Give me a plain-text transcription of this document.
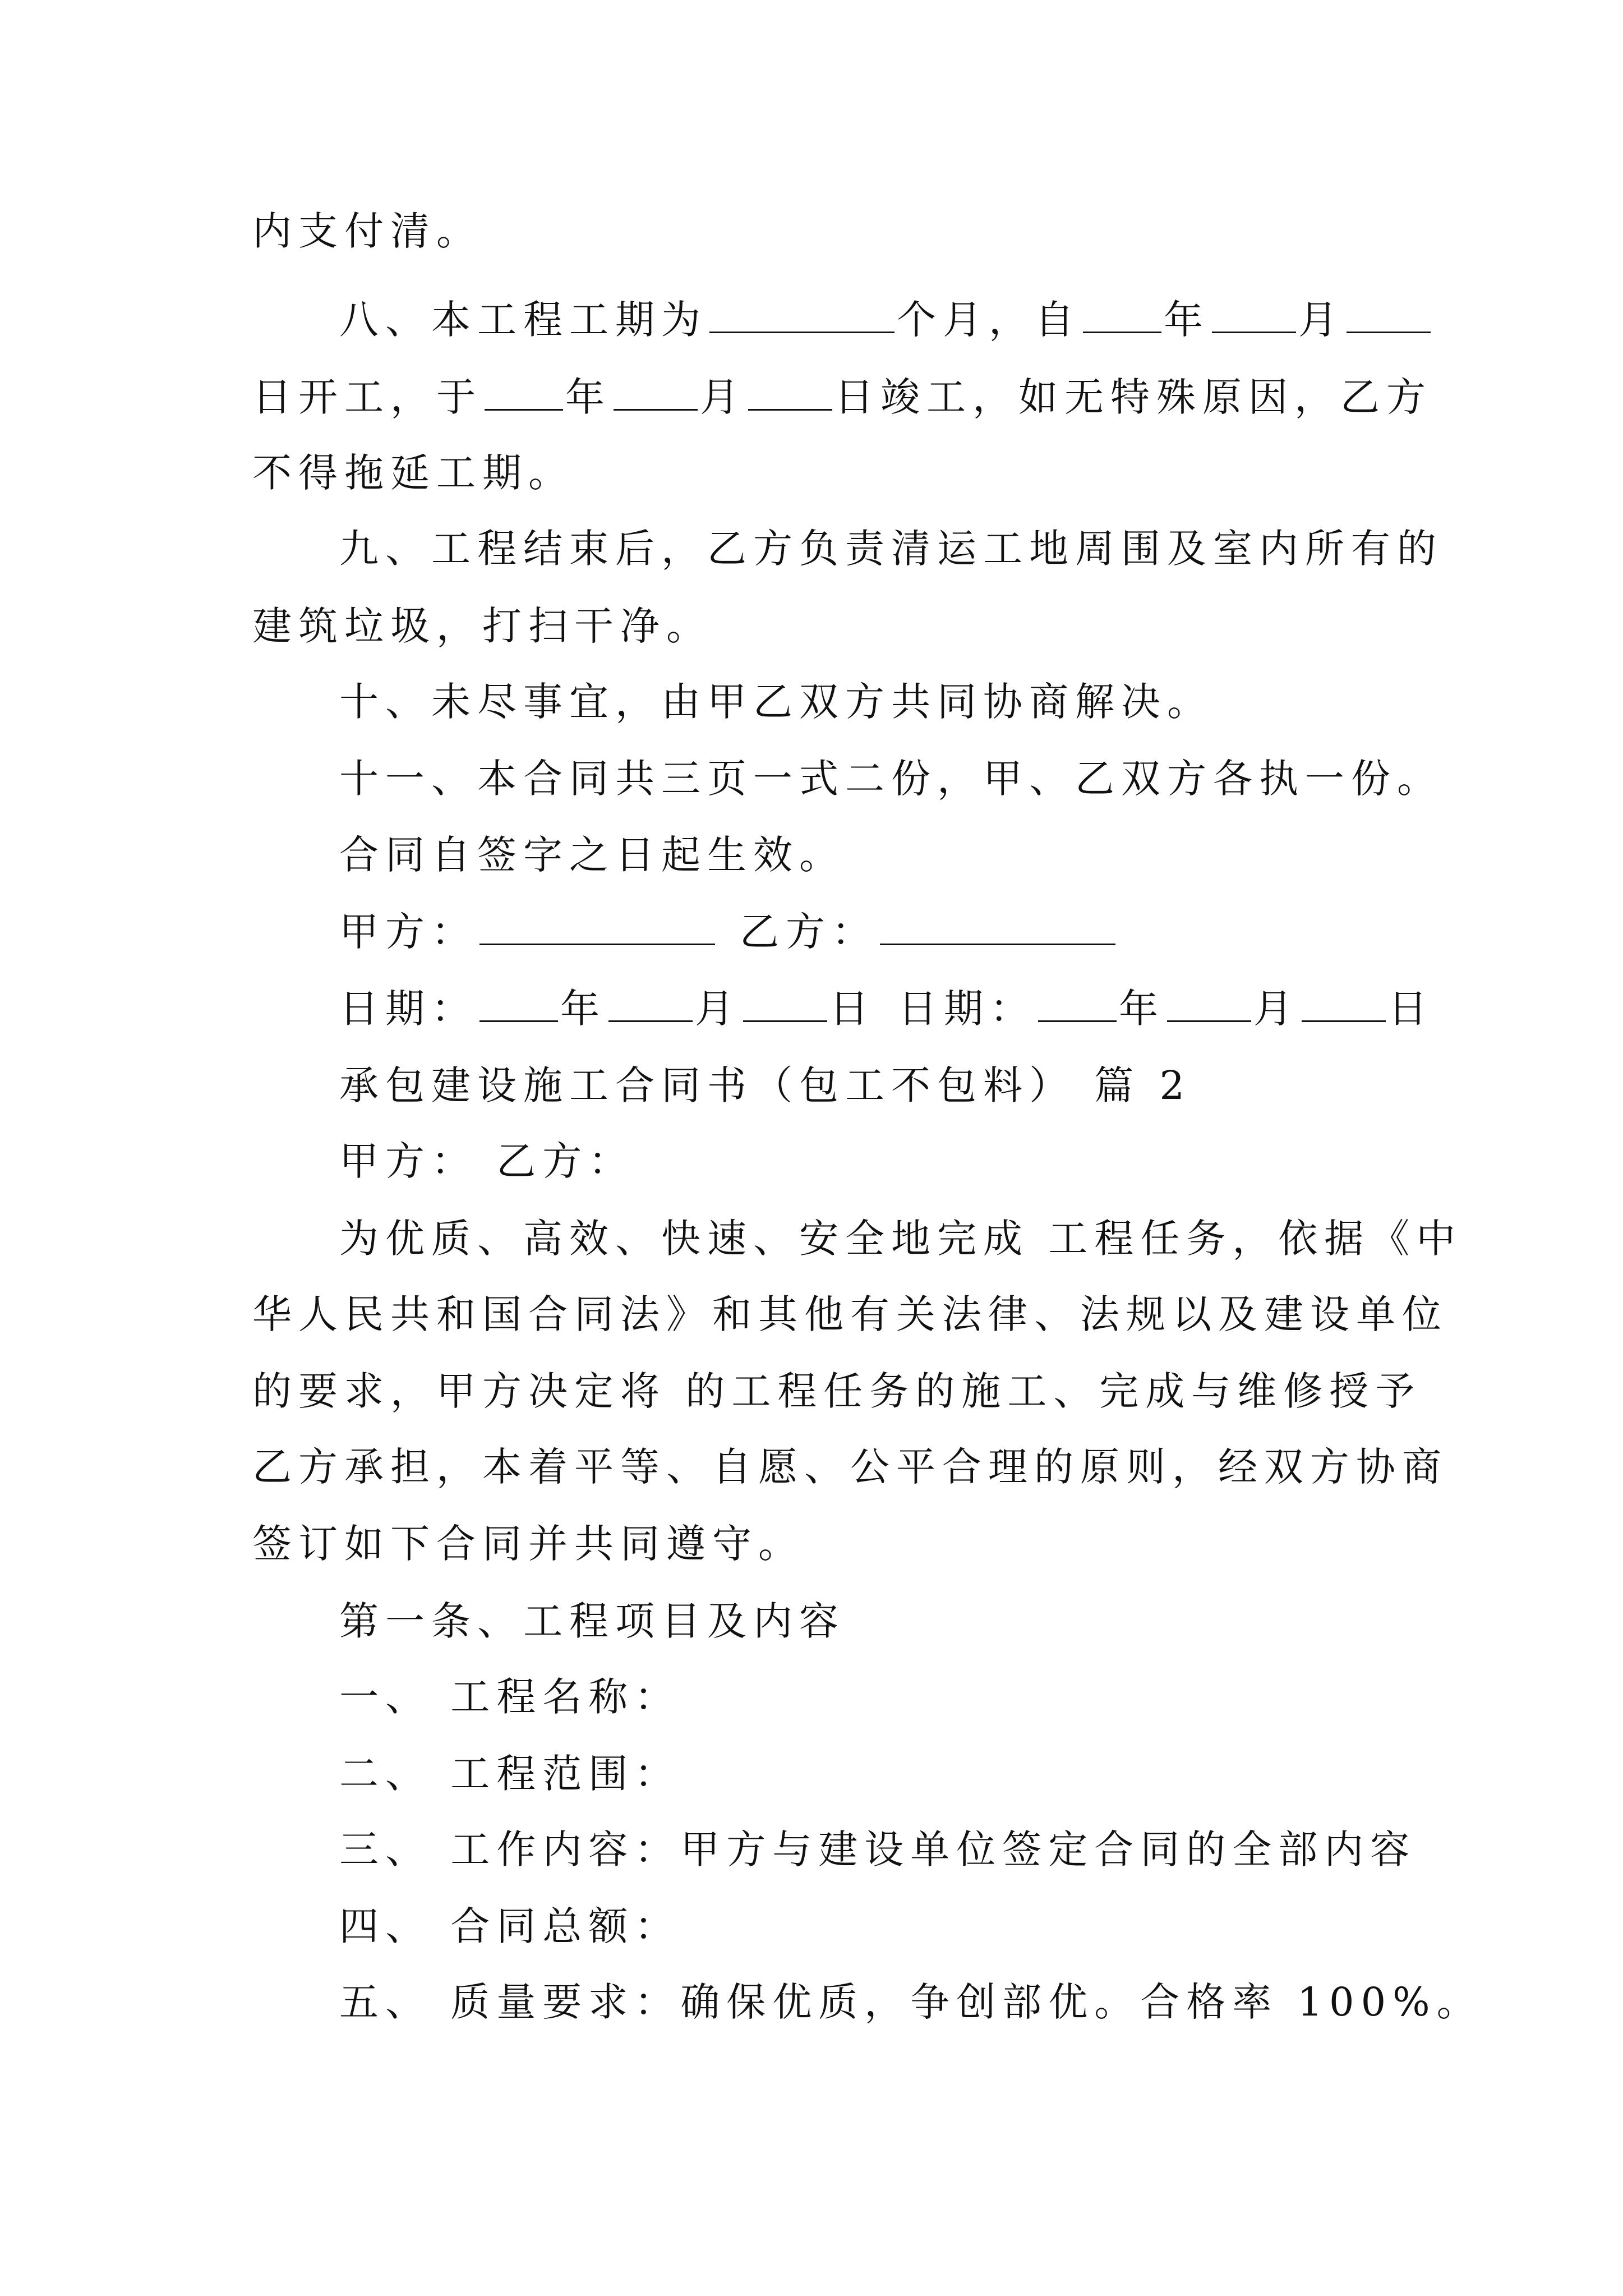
内支付清。
八、本工程工期为	个月，自 年 月
日开工，于 年 月 日竣工，如无特殊原因，乙方
不得拖延工期。
九、工程结束后，乙方负责清运工地周围及室内所有的
建筑垃圾，打扫干净。
十、未尽事宜，由甲乙双方共同协商解决。
十一、本合同共三页一式二份，甲、乙双方各执一份。
合同自签字之日起生效。
甲方：	乙方：
日期： 年 月 日 日期： 年 月 日
承包建设施工合同书（包工不包料） 篇 2
甲方： 乙方：
为优质、高效、快速、安全地完成 工程任务，依据《中
华人民共和国合同法》和其他有关法律、法规以及建设单位
的要求，甲方决定将 的工程任务的施工、完成与维修授予
乙方承担，本着平等、自愿、公平合理的原则，经双方协商
签订如下合同并共同遵守。
第一条、工程项目及内容
一、 工程名称：
二、 工程范围：
三、 工作内容：甲方与建设单位签定合同的全部内容
四、 合同总额：
五、 质量要求：确保优质，争创部优。合格率 100%。
